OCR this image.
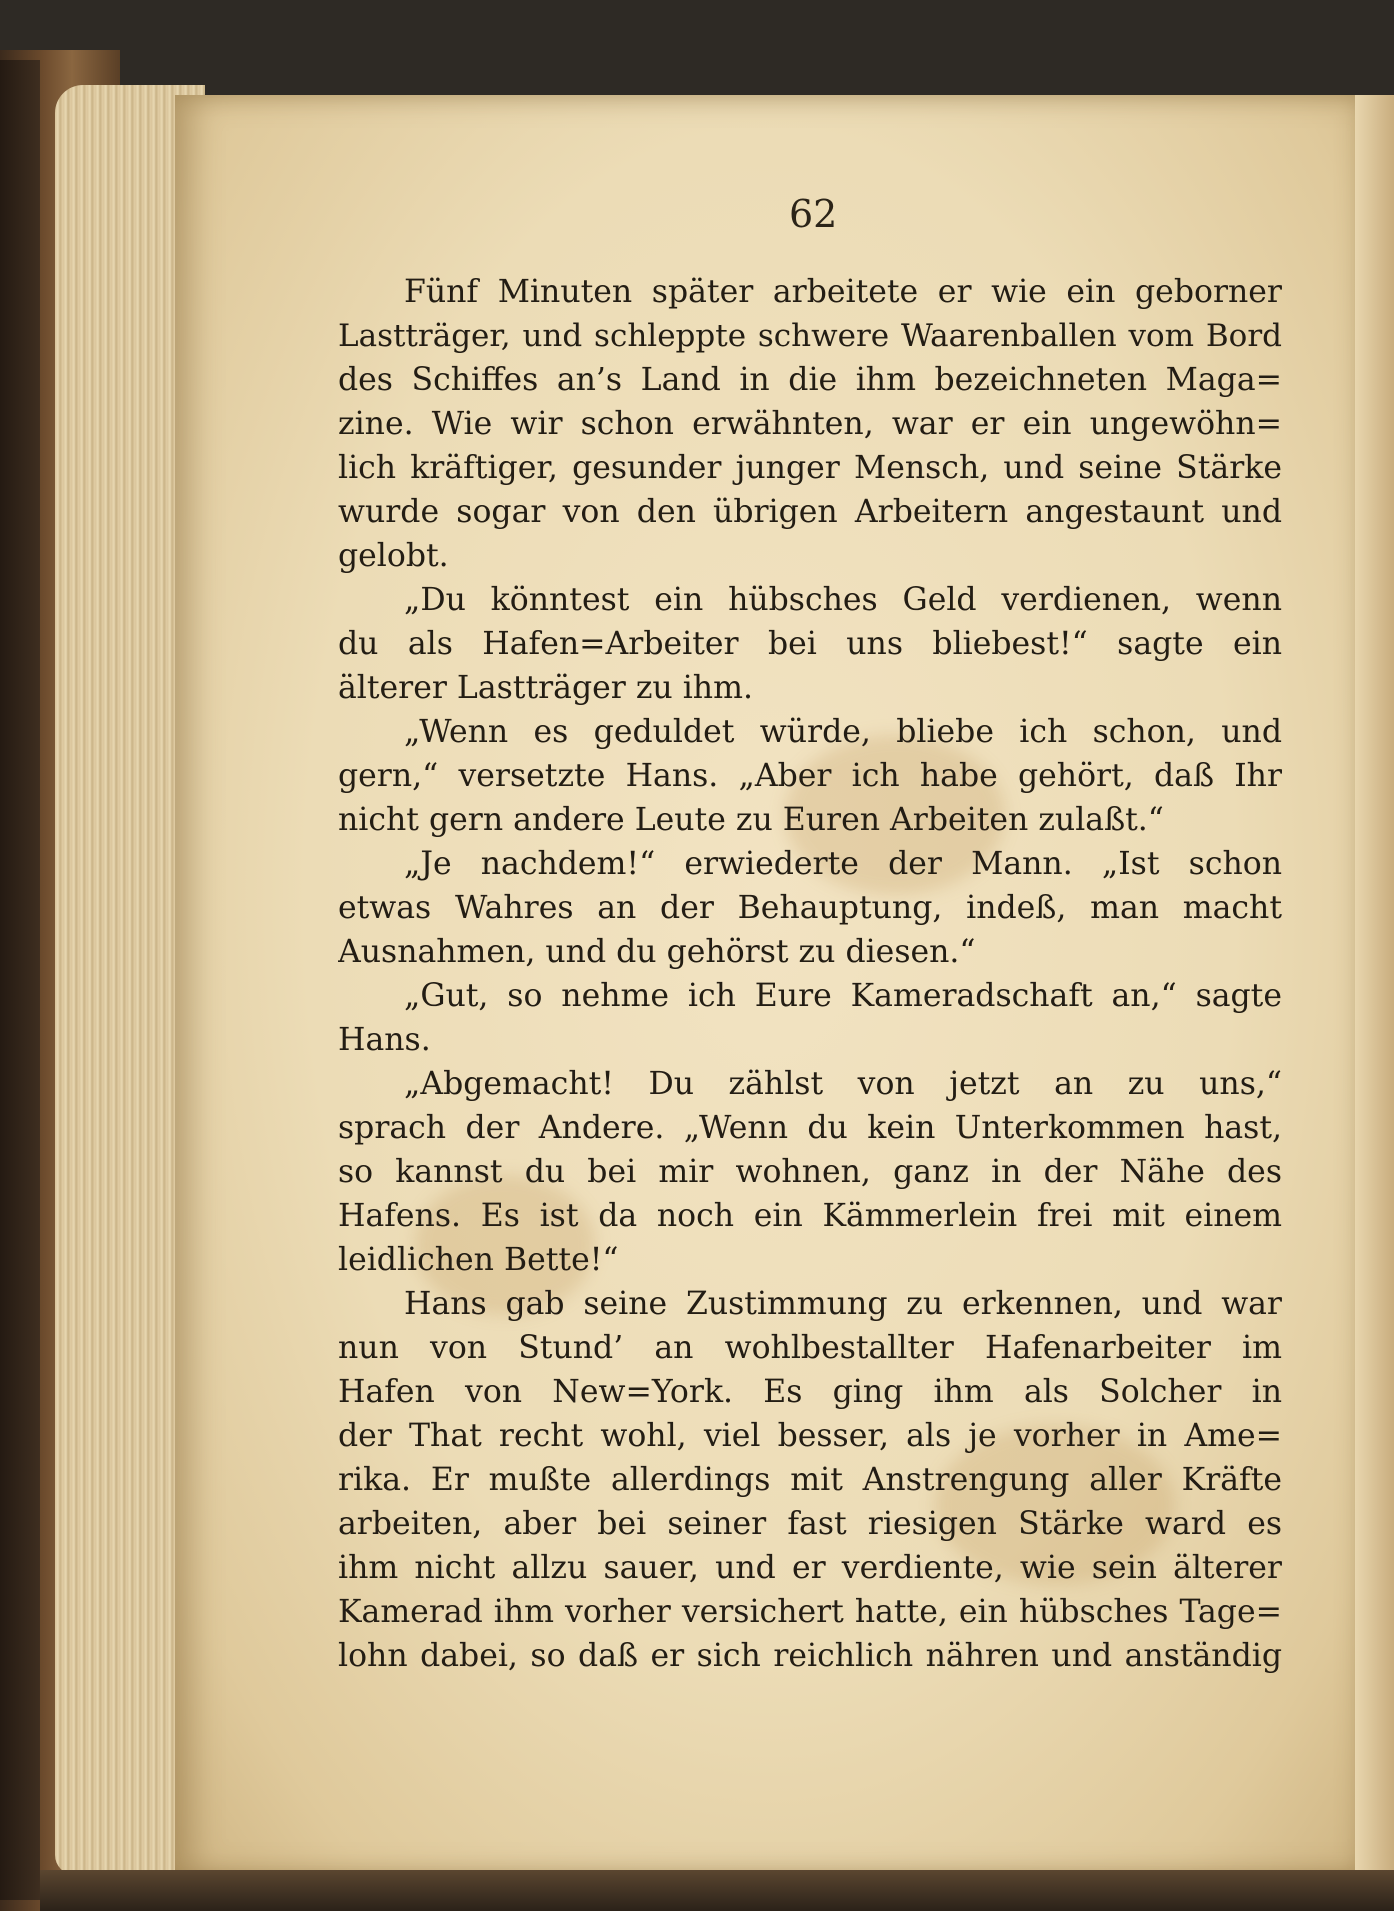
62
Fünf Minuten später arbeitete er wie ein geborner
Lastträger, und schleppte schwere Waarenballen vom Bord
des Schiffes an’s Land in die ihm bezeichneten Maga=
zine. Wie wir schon erwähnten, war er ein ungewöhn=
lich kräftiger, gesunder junger Mensch, und seine Stärke
wurde sogar von den übrigen Arbeitern angestaunt und
gelobt.
„Du könntest ein hübsches Geld verdienen, wenn
du als Hafen=Arbeiter bei uns bliebest!“ sagte ein
älterer Lastträger zu ihm.
„Wenn es geduldet würde, bliebe ich schon, und
gern,“ versetzte Hans. „Aber ich habe gehört, daß Ihr
nicht gern andere Leute zu Euren Arbeiten zulaßt.“
„Je nachdem!“ erwiederte der Mann. „Ist schon
etwas Wahres an der Behauptung, indeß, man macht
Ausnahmen, und du gehörst zu diesen.“
„Gut, so nehme ich Eure Kameradschaft an,“ sagte
Hans.
„Abgemacht! Du zählst von jetzt an zu uns,“
sprach der Andere. „Wenn du kein Unterkommen hast,
so kannst du bei mir wohnen, ganz in der Nähe des
Hafens. Es ist da noch ein Kämmerlein frei mit einem
leidlichen Bette!“
Hans gab seine Zustimmung zu erkennen, und war
nun von Stund’ an wohlbestallter Hafenarbeiter im
Hafen von New=York. Es ging ihm als Solcher in
der That recht wohl, viel besser, als je vorher in Ame=
rika. Er mußte allerdings mit Anstrengung aller Kräfte
arbeiten, aber bei seiner fast riesigen Stärke ward es
ihm nicht allzu sauer, und er verdiente, wie sein älterer
Kamerad ihm vorher versichert hatte, ein hübsches Tage=
lohn dabei, so daß er sich reichlich nähren und anständig
